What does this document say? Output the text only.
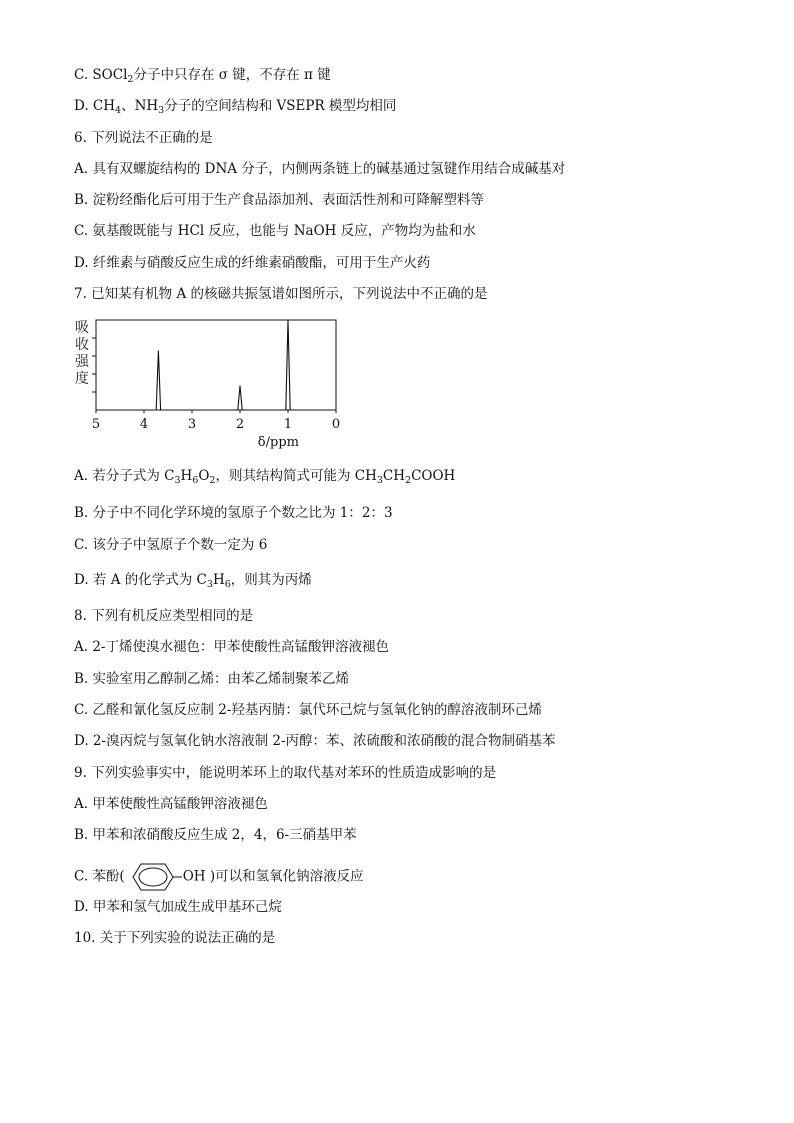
C. SOCl$_2$分子中只存在 σ 键，不存在 π 键
D. $CH_4$、$NH_3$分子的空间结构和 VSEPR 模型均相同
6. 下列说法不正确的是
A. 具有双螺旋结构的 DNA 分子，内侧两条链上的碱基通过氢键作用结合成碱基对
B. 淀粉经酯化后可用于生产食品添加剂、表面活性剂和可降解塑料等
C. 氨基酸既能与 HCl 反应，也能与 NaOH 反应，产物均为盐和水
D. 纤维素与硝酸反应生成的纤维素硝酸酯，可用于生产火药
7. 已知某有机物 A 的核磁共振氢谱如图所示，下列说法中不正确的是
A. 若分子式为 $C_3H_6O_2$，则其结构简式可能为 $CH_3CH_2COOH$
B. 分子中不同化学环境的氢原子个数之比为 1：2：3
C. 该分子中氢原子个数一定为 6
D. 若 A 的化学式为 $C_3H_6$，则其为丙烯
8. 下列有机反应类型相同的是
A. 2-丁烯使溴水褪色：甲苯使酸性高锰酸钾溶液褪色
B. 实验室用乙醇制乙烯：由苯乙烯制聚苯乙烯
C. 乙醛和氰化氢反应制 2-羟基丙腈：氯代环己烷与氢氧化钠的醇溶液制环己烯
D. 2-溴丙烷与氢氧化钠水溶液制 2-丙醇：苯、浓硫酸和浓硝酸的混合物制硝基苯
9. 下列实验事实中，能说明苯环上的取代基对苯环的性质造成影响的是
A. 甲苯使酸性高锰酸钾溶液褪色
B. 甲苯和浓硝酸反应生成 2，4，6-三硝基甲苯
C. 苯酚(	OH )可以和氢氧化钠溶液反应
D. 甲苯和氢气加成生成甲基环己烷
10. 关于下列实验的说法正确的是
吸
收
强
度
5	4	3	2	1	0
δ/ppm
